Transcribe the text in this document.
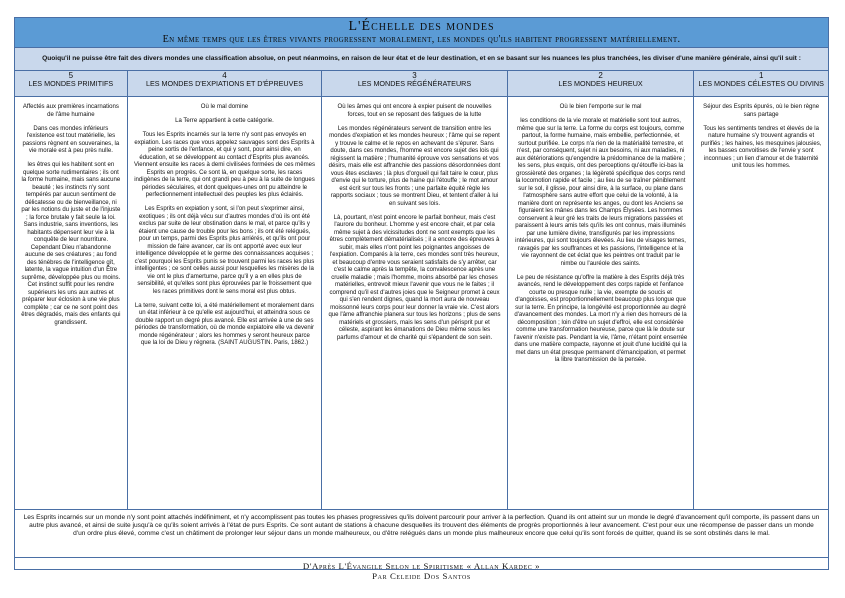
L'Échelle des mondes
En même temps que les êtres vivants progressent moralement, les mondes qu'ils habitent progressent matériellement.
Quoiqu'il ne puisse être fait des divers mondes une classification absolue, on peut néanmoins, en raison de leur état et de leur destination, et en se basant sur les nuances les plus tranchées, les diviser d'une manière générale, ainsi qu'il suit :
5
LES MONDES PRIMITIFS

Affectés aux premières incarnations de l'âme humaine

Dans ces mondes inférieurs l'existence est tout matérielle, les passions règnent en souveraines, la vie morale est à peu près nulle.

les êtres qui les habitent sont en quelque sorte rudimentaires ; ils ont la forme humaine, mais sans aucune beauté ; les instincts n'y sont tempérés par aucun sentiment de délicatesse ou de bienveillance, ni par les notions du juste et de l'injuste ; la force brutale y fait seule la loi. Sans industrie, sans inventions, les habitants dépensent leur vie à la conquête de leur nourriture. Cependant Dieu n'abandonne aucune de ses créatures ; au fond des ténèbres de l'intelligence gît, latente, la vague intuition d'un Être suprême, développée plus ou moins. Cet instinct suffit pour les rendre supérieurs les uns aux autres et préparer leur éclosion à une vie plus complète ; car ce ne sont point des êtres dégradés, mais des enfants qui grandissent.

4
LES MONDES D'EXPIATIONS ET D'ÉPREUVES

Où le mal domine

La Terre appartient à cette catégorie.

Tous les Esprits incarnés sur la terre n'y sont pas envoyés en expiation. Les races que vous appelez sauvages sont des Esprits à peine sortis de l'enfance, et qui y sont, pour ainsi dire, en éducation, et se développent au contact d'Esprits plus avancés. Viennent ensuite les races à demi civilisées formées de ces mêmes Esprits en progrès. Ce sont là, en quelque sorte, les races indigènes de la terre, qui ont grandi peu à peu à la suite de longues périodes séculaires, et dont quelques-unes ont pu atteindre le perfectionnement intellectuel des peuples les plus éclairés.

Les Esprits en expiation y sont, si l'on peut s'exprimer ainsi, exotiques ; ils ont déjà vécu sur d'autres mondes d'où ils ont été exclus par suite de leur obstination dans le mal, et parce qu'ils y étaient une cause de trouble pour les bons ; ils ont été relégués, pour un temps, parmi des Esprits plus arriérés, et qu'ils ont pour mission de faire avancer, car ils ont apporté avec eux leur intelligence développée et le germe des connaissances acquises ; c'est pourquoi les Esprits punis se trouvent parmi les races les plus intelligentes ; ce sont celles aussi pour lesquelles les misères de la vie ont le plus d'amertume, parce qu'il y a en elles plus de sensibilité, et qu'elles sont plus éprouvées par le froissement que les races primitives dont le sens moral est plus obtus.

La terre, suivant cette loi, a été matériellement et moralement dans un état inférieur à ce qu'elle est aujourd'hui, et atteindra sous ce double rapport un degré plus avancé. Elle est arrivée à une de ses périodes de transformation, où de monde expiatoire elle va devenir monde régénérateur ; alors les hommes y seront heureux parce que la loi de Dieu y régnera. (SAINT AUGUSTIN. Paris, 1862.)

3
LES MONDES RÉGÉNÉRATEURS

Où les âmes qui ont encore à expier puisent de nouvelles forces, tout en se reposant des fatigues de la lutte

Les mondes régénérateurs servent de transition entre les mondes d'expiation et les mondes heureux ; l'âme qui se repent y trouve le calme et le repos en achevant de s'épurer. Sans doute, dans ces mondes, l'homme est encore sujet des lois qui régissent la matière ; l'humanité éprouve vos sensations et vos désirs, mais elle est affranchie des passions désordonnées dont vous êtes esclaves ; là plus d'orgueil qui fait taire le cœur, plus d'envie qui le torture, plus de haine qui l'étouffe ; le mot amour est écrit sur tous les fronts ; une parfaite équité règle les rapports sociaux ; tous se montrent Dieu, et tentent d'aller à lui en suivant ses lois.

Là, pourtant, n'est point encore le parfait bonheur, mais c'est l'aurore du bonheur. L'homme y est encore chair, et par cela même sujet à des vicissitudes dont ne sont exempts que les êtres complètement dématérialisés ; il a encore des épreuves à subir, mais elles n'ont point les poignantes angoisses de l'expiation. Comparés à la terre, ces mondes sont très heureux, et beaucoup d'entre vous seraient satisfaits de s'y arrêter, car c'est le calme après la tempête, la convalescence après une cruelle maladie ; mais l'homme, moins absorbé par les choses matérielles, entrevoit mieux l'avenir que vous ne le faites ; il comprend qu'il est d'autres joies que le Seigneur promet à ceux qui s'en rendent dignes, quand la mort aura de nouveau moissonné leurs corps pour leur donner la vraie vie. C'est alors que l'âme affranchie planera sur tous les horizons ; plus de sens matériels et grossiers, mais les sens d'un périsprit pur et céleste, aspirant les émanations de Dieu même sous les parfums d'amour et de charité qui s'épandent de son sein.

2
LES MONDES HEUREUX

Où le bien l'emporte sur le mal

les conditions de la vie morale et matérielle sont tout autres, même que sur la terre. La forme du corps est toujours, comme partout, la forme humaine, mais embellie, perfectionnée, et surtout purifiée. Le corps n'a rien de la matérialité terrestre, et n'est, par conséquent, sujet ni aux besoins, ni aux maladies, ni aux détériorations qu'engendre la prédominance de la matière ; les sens, plus exquis, ont des perceptions qu'étouffe ici-bas la grossièreté des organes ; la légèreté spécifique des corps rend la locomotion rapide et facile ; au lieu de se traîner péniblement sur le sol, il glisse, pour ainsi dire, à la surface, ou plane dans l'atmosphère sans autre effort que celui de la volonté, à la manière dont on représente les anges, ou dont les Anciens se figuraient les mânes dans les Champs Élysées. Les hommes conservent à leur gré les traits de leurs migrations passées et paraissent à leurs amis tels qu'ils les ont connus, mais illuminés par une lumière divine, transfigurés par les impressions intérieures, qui sont toujours élevées. Au lieu de visages ternes, ravagés par les souffrances et les passions, l'intelligence et la vie rayonnent de cet éclat que les peintres ont traduit par le nimbe ou l'auréole des saints.

Le peu de résistance qu'offre la matière à des Esprits déjà très avancés, rend le développement des corps rapide et l'enfance courte ou presque nulle ; la vie, exempte de soucis et d'angoisses, est proportionnellement beaucoup plus longue que sur la terre. En principe, la longévité est proportionnée au degré d'avancement des mondes. La mort n'y a rien des horreurs de la décomposition ; loin d'être un sujet d'effroi, elle est considérée comme une transformation heureuse, parce que là le doute sur l'avenir n'existe pas. Pendant la vie, l'âme, n'étant point enserrée dans une matière compacte, rayonne et jouit d'une lucidité qui la met dans un état presque permanent d'émancipation, et permet la libre transmission de la pensée.

1
LES MONDES CÉLESTES OU DIVINS

Séjour des Esprits épurés, où le bien règne sans partage

Tous les sentiments tendres et élevés de la nature humaine s'y trouvent agrandis et purifiés ; les haines, les mesquines jalousies, les basses convoitises de l'envie y sont inconnues ; un lien d'amour et de fraternité unit tous les hommes.

Les Esprits incarnés sur un monde n'y sont point attachés indéfiniment, et n'y accomplissent pas toutes les phases progressives qu'ils doivent parcourir pour arriver à la perfection. Quand ils ont atteint sur un monde le degré d'avancement qu'il comporte, ils passent dans un autre plus avancé, et ainsi de suite jusqu'à ce qu'ils soient arrivés à l'état de purs Esprits. Ce sont autant de stations à chacune desquelles ils trouvent des éléments de progrès proportionnés à leur avancement. C'est pour eux une récompense de passer dans un monde d'un ordre plus élevé, comme c'est un châtiment de prolonger leur séjour dans un monde malheureux, ou d'être relégués dans un monde plus malheureux encore que celui qu'ils sont forcés de quitter, quand ils se sont obstinés dans le mal.
D'Après L'Évangile Selon le Spiritisme « Allan Kardec »
Par Celeide Dos Santos
